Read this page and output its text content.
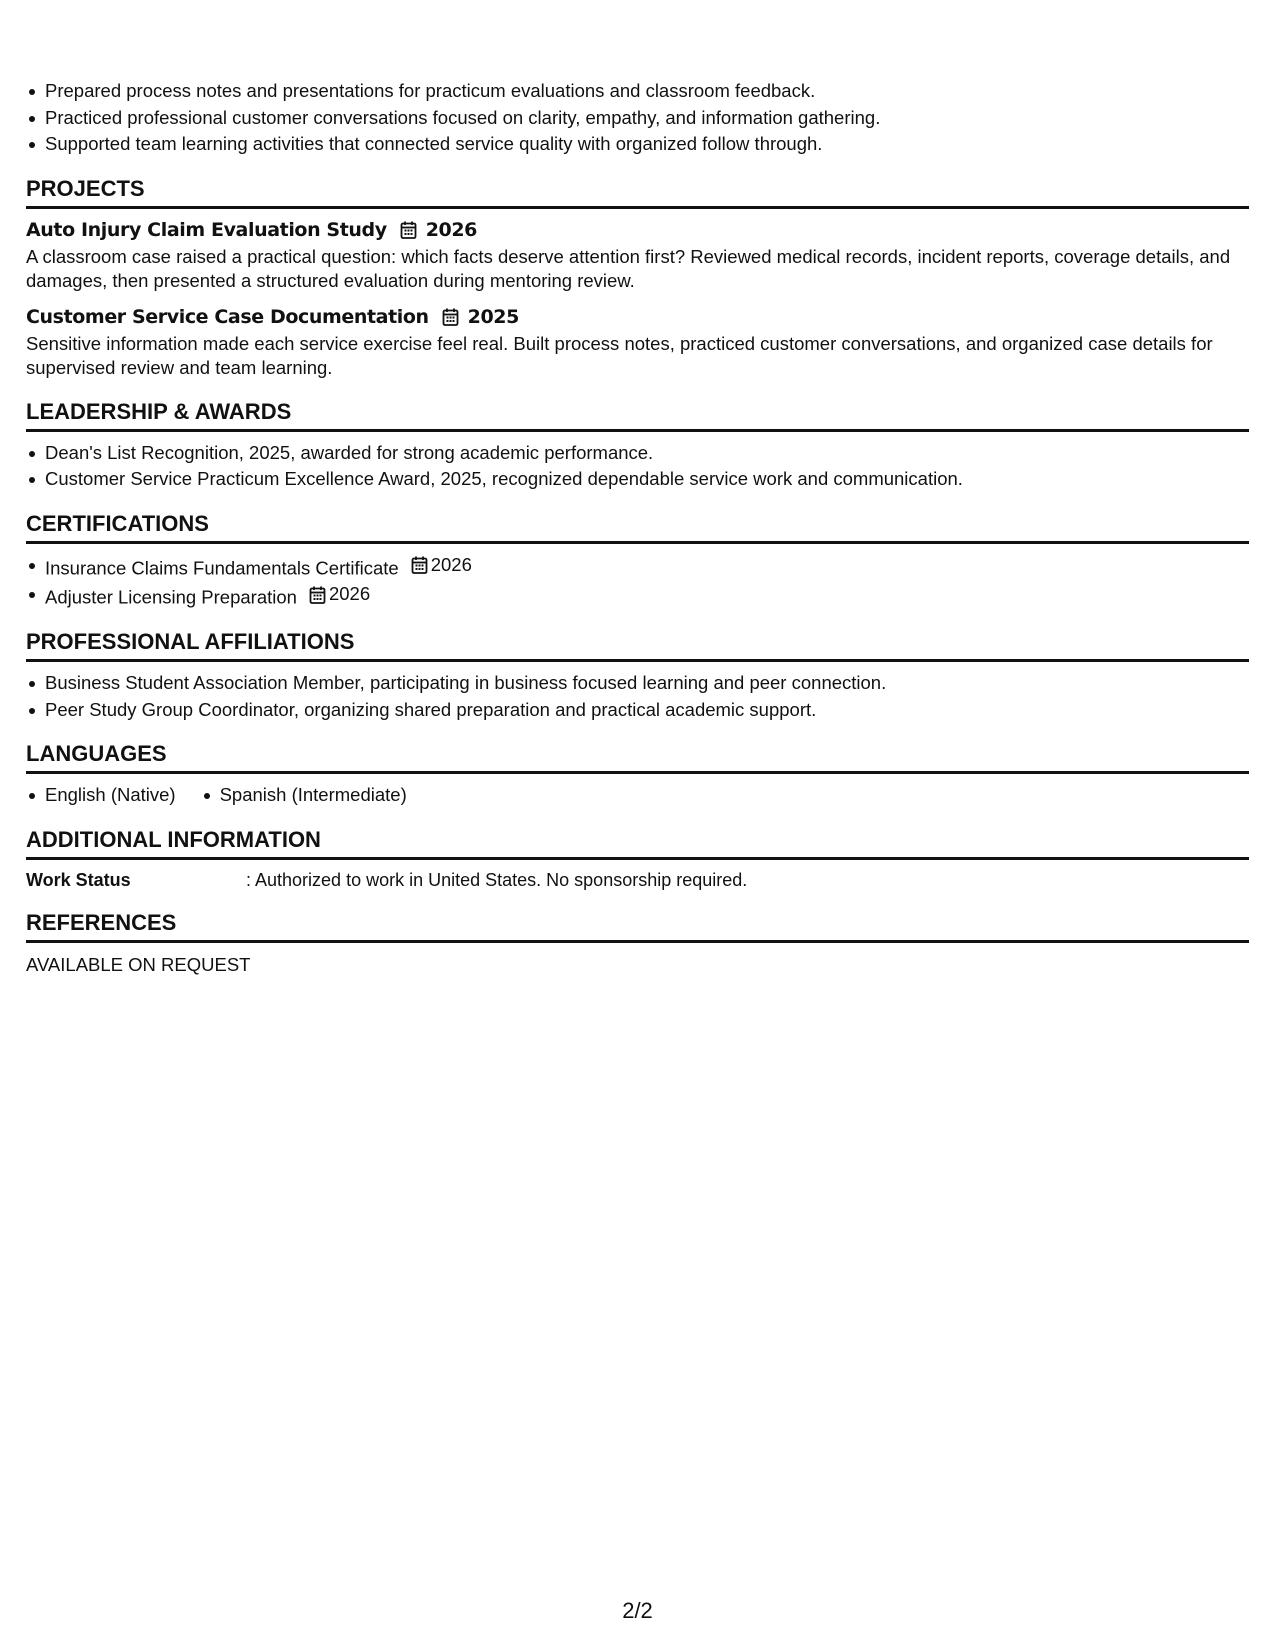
Prepared process notes and presentations for practicum evaluations and classroom feedback.
Practiced professional customer conversations focused on clarity, empathy, and information gathering.
Supported team learning activities that connected service quality with organized follow through.
PROJECTS
Auto Injury Claim Evaluation Study 2026
A classroom case raised a practical question: which facts deserve attention first? Reviewed medical records, incident reports, coverage details, and damages, then presented a structured evaluation during mentoring review.
Customer Service Case Documentation 2025
Sensitive information made each service exercise feel real. Built process notes, practiced customer conversations, and organized case details for supervised review and team learning.
LEADERSHIP & AWARDS
Dean's List Recognition, 2025, awarded for strong academic performance.
Customer Service Practicum Excellence Award, 2025, recognized dependable service work and communication.
CERTIFICATIONS
Insurance Claims Fundamentals Certificate 2026
Adjuster Licensing Preparation 2026
PROFESSIONAL AFFILIATIONS
Business Student Association Member, participating in business focused learning and peer connection.
Peer Study Group Coordinator, organizing shared preparation and practical academic support.
LANGUAGES
English (Native) Spanish (Intermediate)
ADDITIONAL INFORMATION
Work Status	: Authorized to work in United States. No sponsorship required.
REFERENCES
AVAILABLE ON REQUEST
2/2
